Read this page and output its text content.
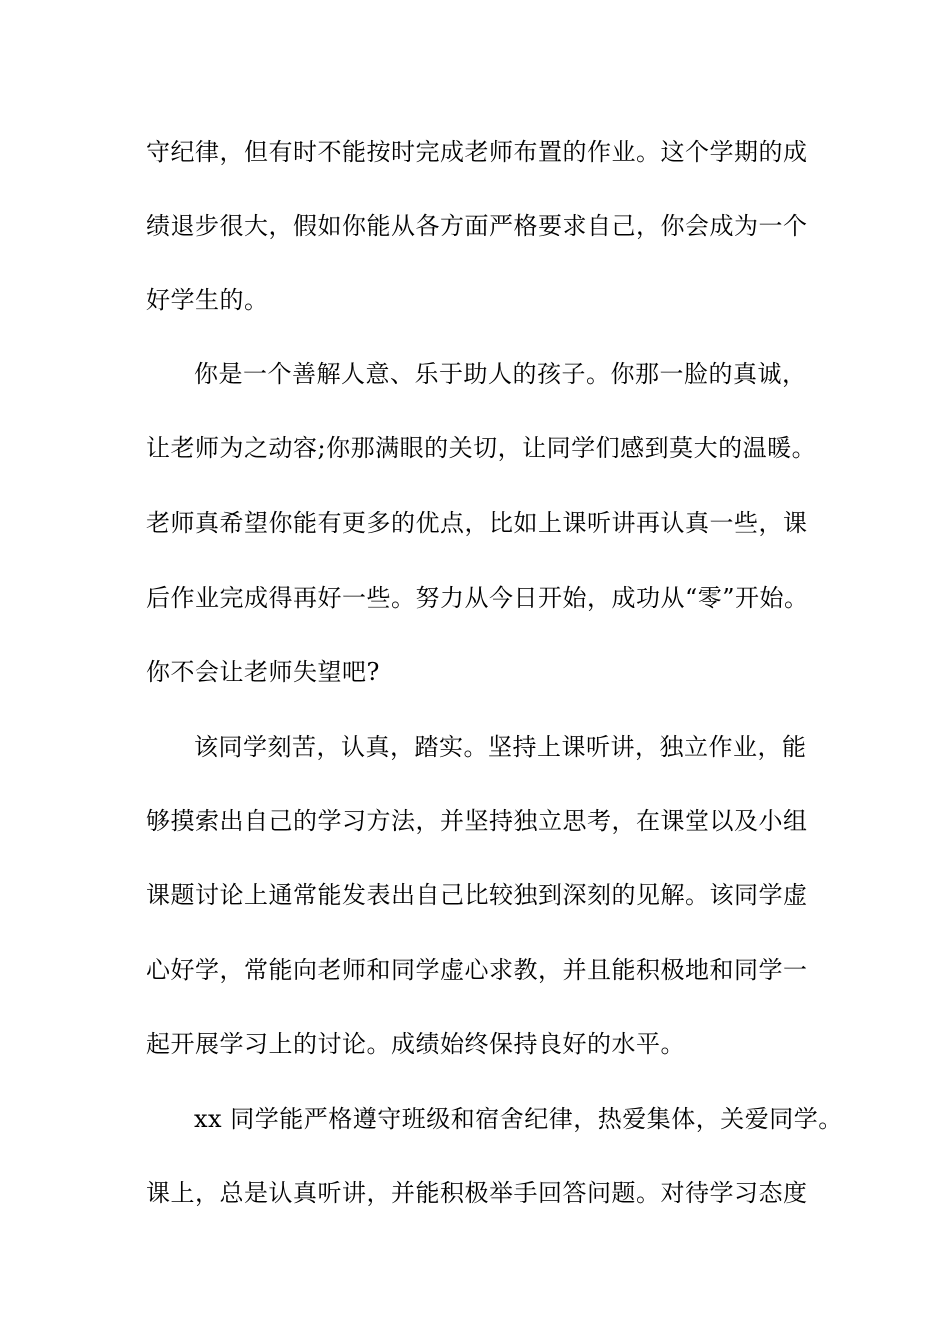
守纪律，但有时不能按时完成老师布置的作业。这个学期的成
绩退步很大，假如你能从各方面严格要求自己，你会成为一个
好学生的。
你是一个善解人意、乐于助人的孩子。你那一脸的真诚，
让老师为之动容;你那满眼的关切，让同学们感到莫大的温暖。
老师真希望你能有更多的优点，比如上课听讲再认真一些，课
后作业完成得再好一些。努力从今日开始，成功从“零”开始。
你不会让老师失望吧?
该同学刻苦，认真，踏实。坚持上课听讲，独立作业，能
够摸索出自己的学习方法，并坚持独立思考，在课堂以及小组
课题讨论上通常能发表出自己比较独到深刻的见解。该同学虚
心好学，常能向老师和同学虚心求教，并且能积极地和同学一
起开展学习上的讨论。成绩始终保持良好的水平。
xx 同学能严格遵守班级和宿舍纪律，热爱集体，关爱同学。
课上，总是认真听讲，并能积极举手回答问题。对待学习态度
